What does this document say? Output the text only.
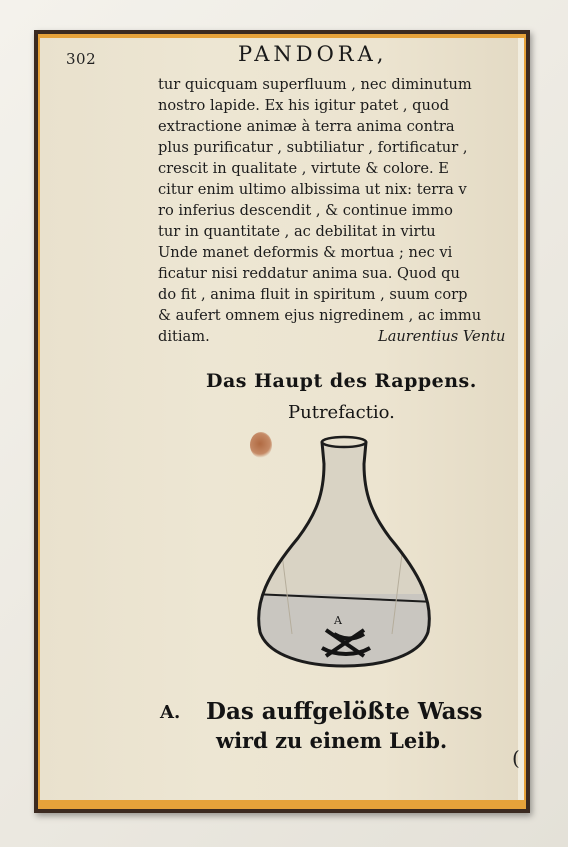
302	PANDORA,
tur quicquam superfluum , nec diminutum
nostro lapide. Ex his igitur patet , quod
extractione animæ à terra anima contra
plus purificatur , subtiliatur , fortificatur ,
crescit in qualitate , virtute & colore. E
citur enim ultimo albissima ut nix: terra v
ro inferius descendit , & continue immo
tur in quantitate , ac debilitat in virtu
Unde manet deformis & mortua ; nec vi
ficatur nisi reddatur anima sua. Quod qu
do fit , anima fluit in spiritum , suum corp
& aufert omnem ejus nigredinem , ac immu
ditiam.	Laurentius Ventu
Das Haupt des Rappens.
Putrefactio.
A
A. Das auffgelößte Wass
wird zu einem Leib.
(
